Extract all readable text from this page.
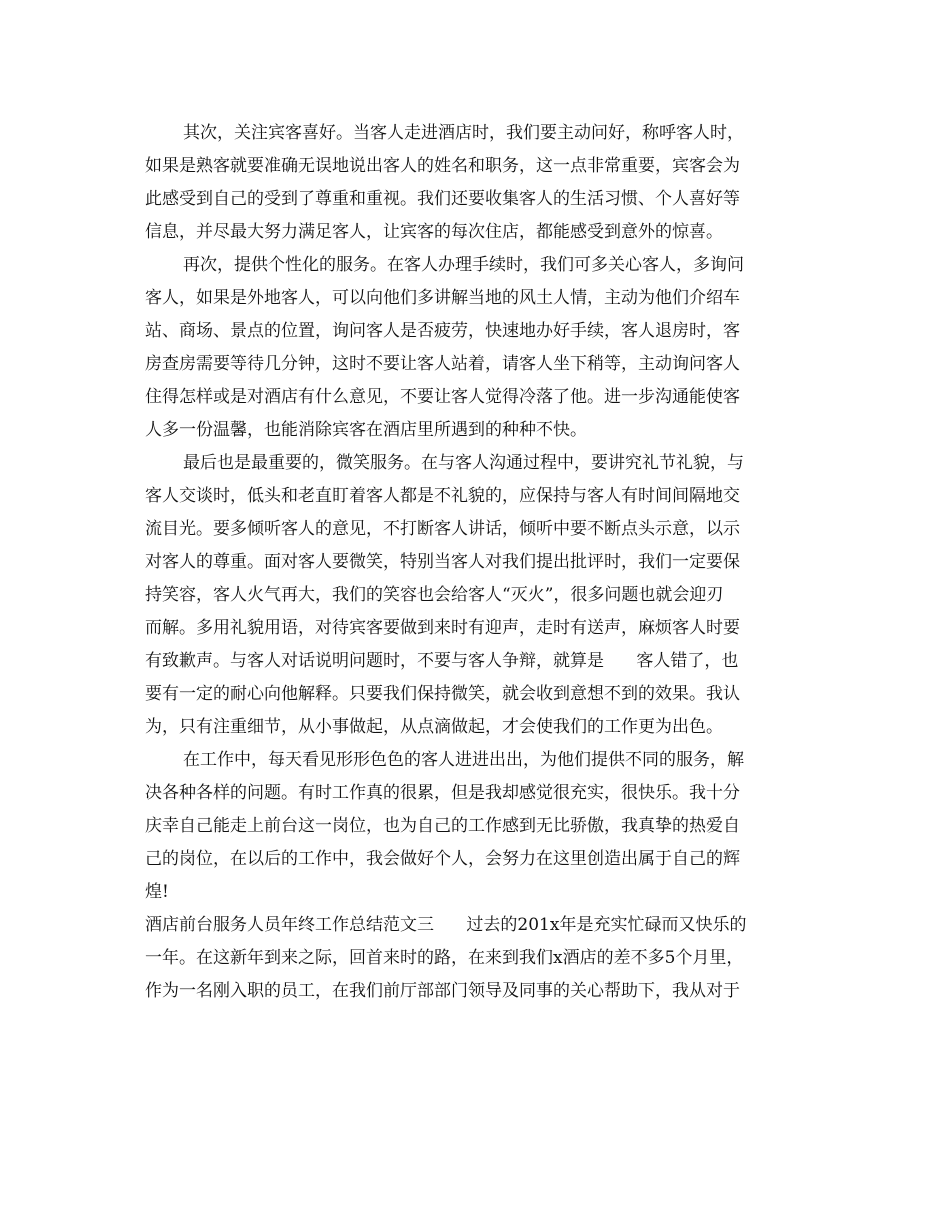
其次，关注宾客喜好。当客人走进酒店时，我们要主动问好，称呼客人时，
如果是熟客就要准确无误地说出客人的姓名和职务，这一点非常重要，宾客会为
此感受到自己的受到了尊重和重视。我们还要收集客人的生活习惯、个人喜好等
信息，并尽最大努力满足客人，让宾客的每次住店，都能感受到意外的惊喜。
再次，提供个性化的服务。在客人办理手续时，我们可多关心客人，多询问
客人，如果是外地客人，可以向他们多讲解当地的风土人情，主动为他们介绍车
站、商场、景点的位置，询问客人是否疲劳，快速地办好手续，客人退房时，客
房查房需要等待几分钟，这时不要让客人站着，请客人坐下稍等，主动询问客人
住得怎样或是对酒店有什么意见，不要让客人觉得冷落了他。进一步沟通能使客
人多一份温馨，也能消除宾客在酒店里所遇到的种种不快。
最后也是最重要的，微笑服务。在与客人沟通过程中，要讲究礼节礼貌，与
客人交谈时，低头和老直盯着客人都是不礼貌的，应保持与客人有时间间隔地交
流目光。要多倾听客人的意见，不打断客人讲话，倾听中要不断点头示意，以示
对客人的尊重。面对客人要微笑，特别当客人对我们提出批评时，我们一定要保
持笑容，客人火气再大，我们的笑容也会给客人“灭火”，很多问题也就会迎刃
而解。多用礼貌用语，对待宾客要做到来时有迎声，走时有送声，麻烦客人时要
有致歉声。与客人对话说明问题时，不要与客人争辩，就算是      客人错了，也
要有一定的耐心向他解释。只要我们保持微笑，就会收到意想不到的效果。我认
为，只有注重细节，从小事做起，从点滴做起，才会使我们的工作更为出色。
在工作中，每天看见形形色色的客人进进出出，为他们提供不同的服务，解
决各种各样的问题。有时工作真的很累，但是我却感觉很充实，很快乐。我十分
庆幸自己能走上前台这一岗位，也为自己的工作感到无比骄傲，我真挚的热爱自
己的岗位，在以后的工作中，我会做好个人，会努力在这里创造出属于自己的辉
煌!
酒店前台服务人员年终工作总结范文三      过去的201x年是充实忙碌而又快乐的
一年。在这新年到来之际，回首来时的路，在来到我们x酒店的差不多5个月里，
作为一名刚入职的员工，在我们前厅部部门领导及同事的关心帮助下，我从对于
